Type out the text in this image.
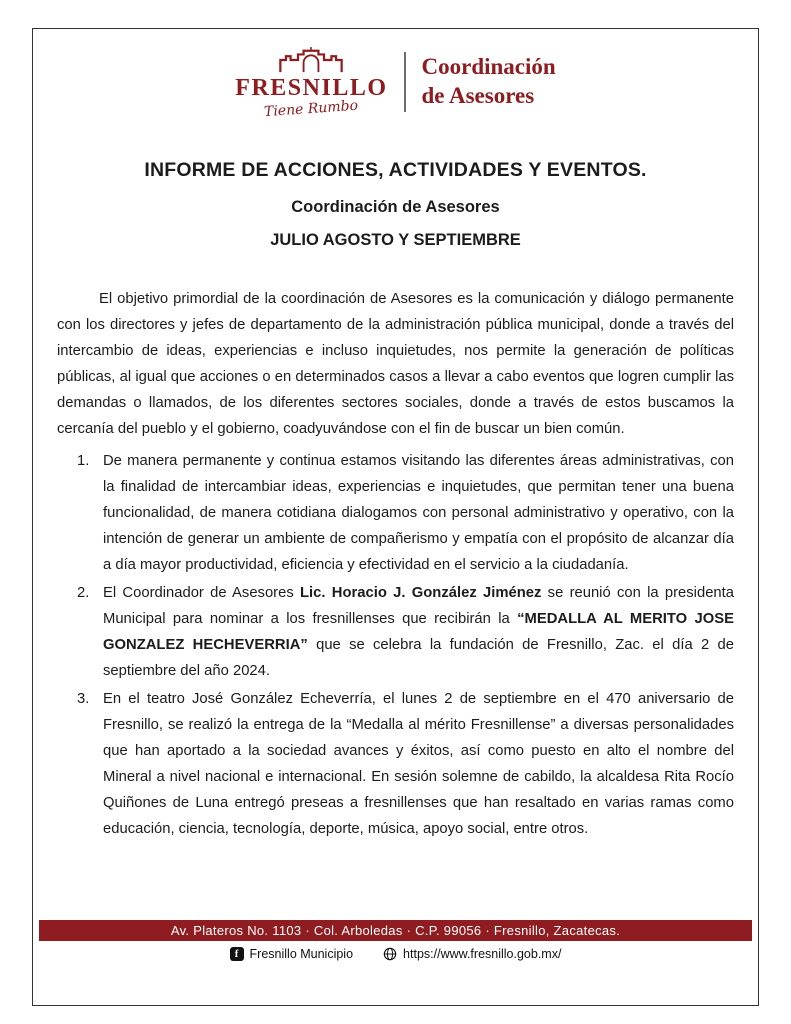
FRESNILLO
Tiene Rumbo
Coordinación
de Asesores
INFORME DE ACCIONES, ACTIVIDADES Y EVENTOS.
Coordinación de Asesores
JULIO AGOSTO Y SEPTIEMBRE

El objetivo primordial de la coordinación de Asesores es la comunicación y diálogo permanente con los directores y jefes de departamento de la administración pública municipal, donde a través del intercambio de ideas, experiencias e incluso inquietudes, nos permite la generación de políticas públicas, al igual que acciones o en determinados casos a llevar a cabo eventos que logren cumplir las demandas o llamados, de los diferentes sectores sociales, donde a través de estos buscamos la cercanía del pueblo y el gobierno, coadyuvándose con el fin de buscar un bien común.

1. De manera permanente y continua estamos visitando las diferentes áreas administrativas, con la finalidad de intercambiar ideas, experiencias e inquietudes, que permitan tener una buena funcionalidad, de manera cotidiana dialogamos con personal administrativo y operativo, con la intención de generar un ambiente de compañerismo y empatía con el propósito de alcanzar día a día mayor productividad, eficiencia y efectividad en el servicio a la ciudadanía.
2. El Coordinador de Asesores Lic. Horacio J. González Jiménez se reunió con la presidenta Municipal para nominar a los fresnillenses que recibirán la “MEDALLA AL MERITO JOSE GONZALEZ HECHEVERRIA” que se celebra la fundación de Fresnillo, Zac. el día 2 de septiembre del año 2024.
3. En el teatro José González Echeverría, el lunes 2 de septiembre en el 470 aniversario de Fresnillo, se realizó la entrega de la “Medalla al mérito Fresnillense” a diversas personalidades que han aportado a la sociedad avances y éxitos, así como puesto en alto el nombre del Mineral a nivel nacional e internacional. En sesión solemne de cabildo, la alcaldesa Rita Rocío Quiñones de Luna entregó preseas a fresnillenses que han resaltado en varias ramas como educación, ciencia, tecnología, deporte, música, apoyo social, entre otros.
Av. Plateros No. 1103 · Col. Arboledas · C.P. 99056 · Fresnillo, Zacatecas.
f
Fresnillo Municipio	https://www.fresnillo.gob.mx/
